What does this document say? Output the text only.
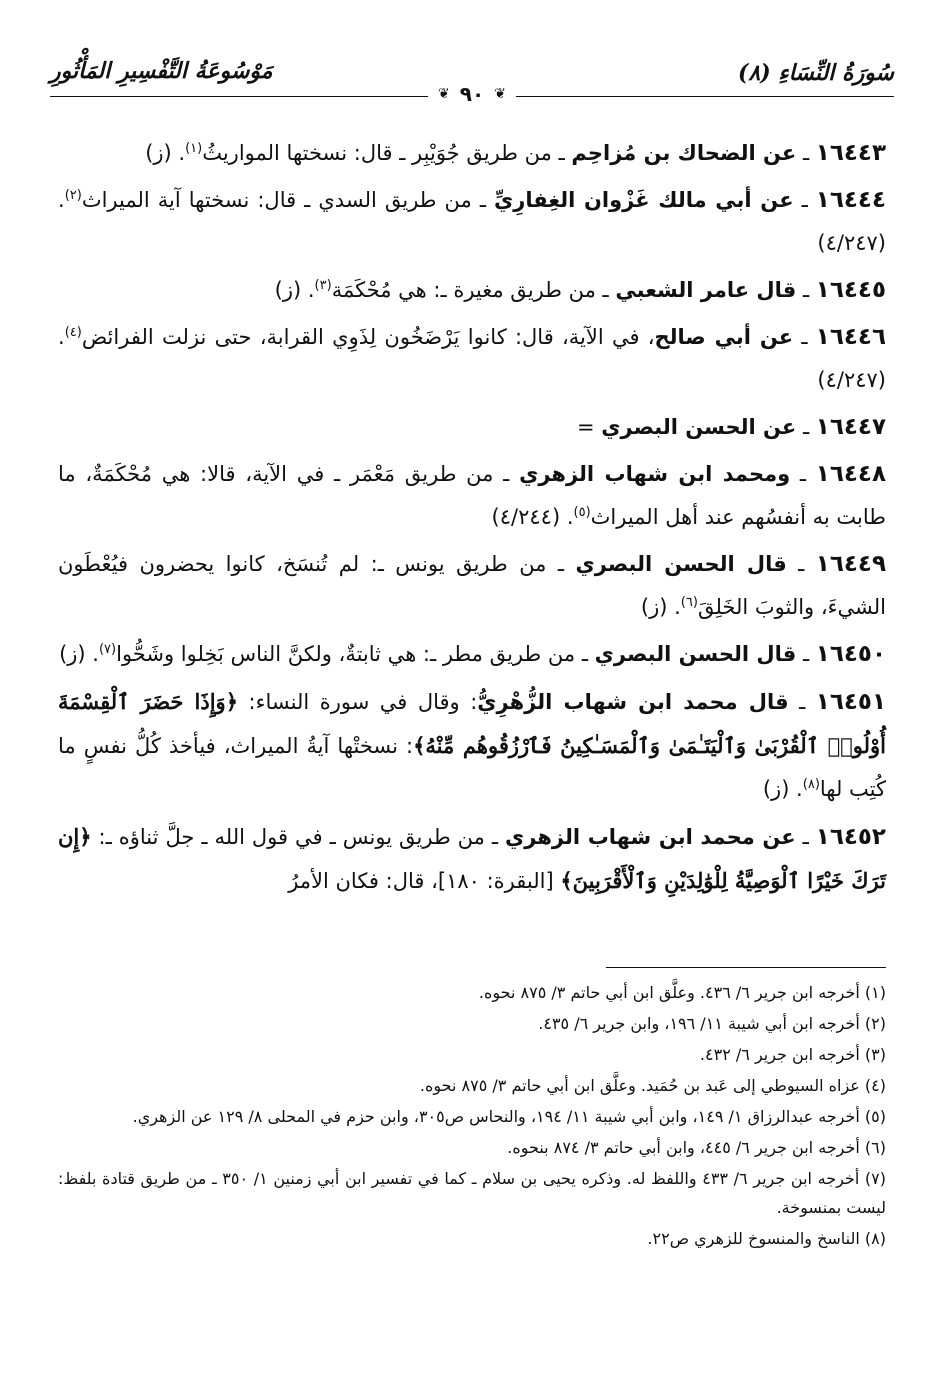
سُورَةُ النِّسَاءِ (٨)
مَوْسُوعَةُ التَّفْسِيرِ المَأْثُورِ
❦ ٩٠ ❦

١٦٤٤٣ ـ عن الضحاك بن مُزاحِم ـ من طريق جُوَيْبِر ـ قال: نسختها المواريثُ$^{(١)}$. (ز)

١٦٤٤٤ ـ عن أبي مالك غَزْوان الغِفارِيِّ ـ من طريق السدي ـ قال: نسختها آية الميراث$^{(٢)}$. (٤/٢٤٧)

١٦٤٤٥ ـ قال عامر الشعبي ـ من طريق مغيرة ـ: هي مُحْكَمَة$^{(٣)}$. (ز)

١٦٤٤٦ ـ عن أبي صالح، في الآية، قال: كانوا يَرْضَخُون لِذَوِي القرابة، حتى نزلت الفرائض$^{(٤)}$. (٤/٢٤٧)

١٦٤٤٧ ـ عن الحسن البصري =

١٦٤٤٨ ـ ومحمد ابن شهاب الزهري ـ من طريق مَعْمَر ـ في الآية، قالا: هي مُحْكَمَةٌ، ما طابت به أنفسُهم عند أهل الميراث$^{(٥)}$. (٤/٢٤٤)

١٦٤٤٩ ـ قال الحسن البصري ـ من طريق يونس ـ: لم تُنسَخ، كانوا يحضرون فيُعْطَون الشيءَ، والثوبَ الخَلِقَ$^{(٦)}$. (ز)

١٦٤٥٠ ـ قال الحسن البصري ـ من طريق مطر ـ: هي ثابتةٌ، ولكنَّ الناس بَخِلوا وشَحُّوا$^{(٧)}$. (ز)

١٦٤٥١ ـ قال محمد ابن شهاب الزُّهْرِيُّ: وقال في سورة النساء: ﴿وَإِذَا حَضَرَ ٱلْقِسْمَةَ أُوْلُوا۟ ٱلْقُرْبَىٰ وَٱلْيَتَـٰمَىٰ وَٱلْمَسَـٰكِينُ فَٱرْزُقُوهُم مِّنْهُ﴾: نسختْها آيةُ الميراث، فيأخذ كُلُّ نفسٍ ما كُتِب لها$^{(٨)}$. (ز)

١٦٤٥٢ ـ عن محمد ابن شهاب الزهري ـ من طريق يونس ـ في قول الله ـ جلَّ ثناؤه ـ: ﴿إِن تَرَكَ خَيْرًا ٱلْوَصِيَّةُ لِلْوَٰلِدَيْنِ وَٱلْأَقْرَبِينَ﴾ [البقرة: ١٨٠]، قال: فكان الأمرُ

(١) أخرجه ابن جرير ٦/ ٤٣٦. وعلَّق ابن أبي حاتم ٣/ ٨٧٥ نحوه.

(٢) أخرجه ابن أبي شيبة ١١/ ١٩٦، وابن جرير ٦/ ٤٣٥.

(٣) أخرجه ابن جرير ٦/ ٤٣٢.

(٤) عزاه السيوطي إلى عَبد بن حُمَيد. وعلَّق ابن أبي حاتم ٣/ ٨٧٥ نحوه.

(٥) أخرجه عبدالرزاق ١/ ١٤٩، وابن أبي شيبة ١١/ ١٩٤، والنحاس ص٣٠٥، وابن حزم في المحلى ٨/ ١٢٩ عن الزهري.

(٦) أخرجه ابن جرير ٦/ ٤٤٥، وابن أبي حاتم ٣/ ٨٧٤ بنحوه.

(٧) أخرجه ابن جرير ٦/ ٤٣٣ واللفظ له. وذكره يحيى بن سلام ـ كما في تفسير ابن أبي زمنين ١/ ٣٥٠ ـ من طريق قتادة بلفظ: ليست بمنسوخة.

(٨) الناسخ والمنسوخ للزهري ص٢٢.
